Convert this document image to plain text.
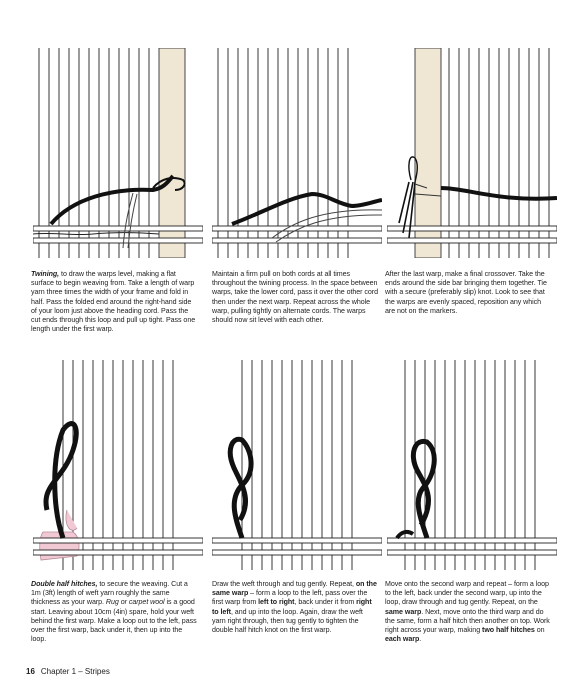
Twining, to draw the warps level, making a flat surface to begin weaving from. Take a length of warp yarn three times the width of your frame and fold in half. Pass the folded end around the right-hand side of your loom just above the heading cord. Pass the cut ends through this loop and pull up tight. Pass one length under the first warp.

Maintain a firm pull on both cords at all times throughout the twining process. In the space between warps, take the lower cord, pass it over the other cord then under the next warp. Repeat across the whole warp, pulling tightly on alternate cords. The warps should now sit level with each other.

After the last warp, make a final crossover. Take the ends around the side bar bringing them together. Tie with a secure (preferably slip) knot. Look to see that the warps are evenly spaced, reposition any which are not on the markers.

Double half hitches, to secure the weaving. Cut a 1m (3ft) length of weft yarn roughly the same thickness as your warp. Rug or carpet wool is a good start. Leaving about 10cm (4in) spare, hold your weft behind the first warp. Make a loop out to the left, pass over the first warp, back under it, then up into the loop.

Draw the weft through and tug gently. Repeat, on the same warp – form a loop to the left, pass over the first warp from left to right, back under it from right to left, and up into the loop. Again, draw the weft yarn right through, then tug gently to tighten the double half hitch knot on the first warp.

Move onto the second warp and repeat – form a loop to the left, back under the second warp, up into the loop, draw through and tug gently. Repeat, on the same warp. Next, move onto the third warp and do the same, form a half hitch then another on top. Work right across your warp, making two half hitches on each warp.

16 Chapter 1 – Stripes
